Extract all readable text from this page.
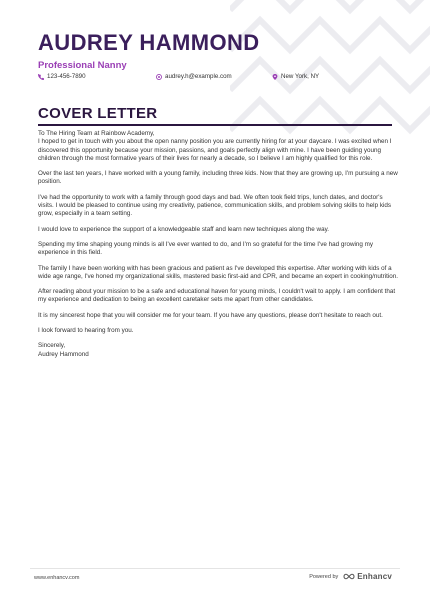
AUDREY HAMMOND
Professional Nanny
123-456-7890	audrey.h@example.com	New York, NY
COVER LETTER

To The Hiring Team at Rainbow Academy,

I hoped to get in touch with you about the open nanny position you are currently hiring for at your daycare. I was excited when I discovered this opportunity because your mission, passions, and goals perfectly align with mine. I have been guiding young children through the most formative years of their lives for nearly a decade, so I believe I am highly qualified for this role.

Over the last ten years, I have worked with a young family, including three kids. Now that they are growing up, I'm pursuing a new position.

I've had the opportunity to work with a family through good days and bad. We often took field trips, lunch dates, and doctor's visits. I would be pleased to continue using my creativity, patience, communication skills, and problem solving skills to help kids grow, especially in a team setting.

I would love to experience the support of a knowledgeable staff and learn new techniques along the way.

Spending my time shaping young minds is all I've ever wanted to do, and I'm so grateful for the time I've had growing my experience in this field.

The family I have been working with has been gracious and patient as I've developed this expertise. After working with kids of a wide age range, I've honed my organizational skills, mastered basic first-aid and CPR, and became an expert in cooking/nutrition.

After reading about your mission to be a safe and educational haven for young minds, I couldn't wait to apply. I am confident that my experience and dedication to being an excellent caretaker sets me apart from other candidates.

It is my sincerest hope that you will consider me for your team. If you have any questions, please don't hesitate to reach out.

I look forward to hearing from you.

Sincerely,

Audrey Hammond

www.enhancv.com	Powered by Enhancv
